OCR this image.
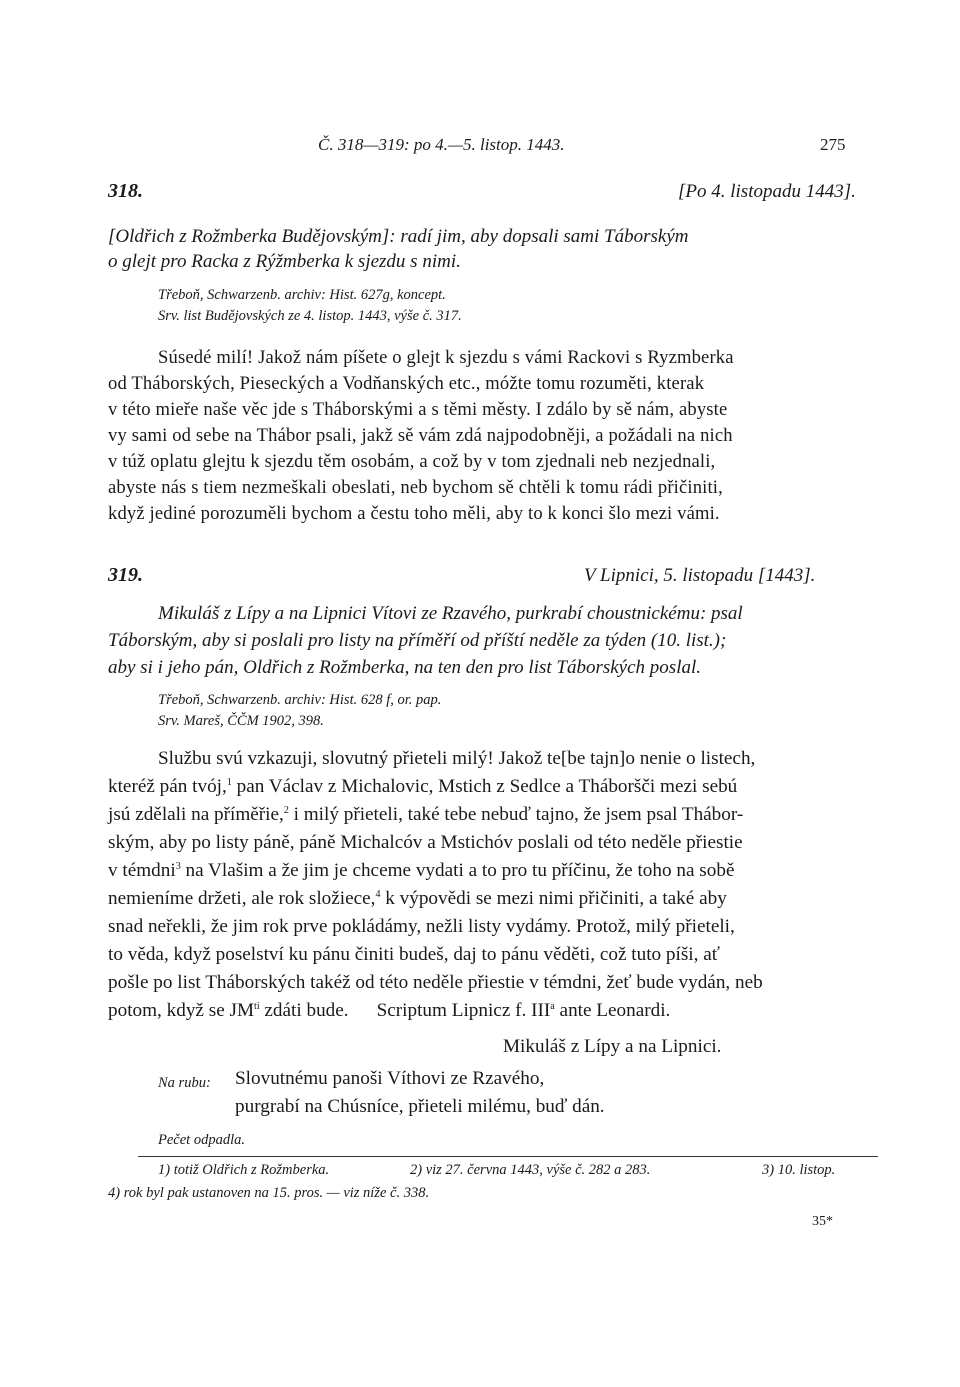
Č. 318—319: po 4.—5. listop. 1443.	275
318.	[Po 4. listopadu 1443].
[Oldřich z Rožmberka Budějovským]: radí jim, aby dopsali sami Táborským
o glejt pro Racka z Rýžmberka k sjezdu s nimi.
Třeboň, Schwarzenb. archiv: Hist. 627g, koncept.
Srv. list Budějovských ze 4. listop. 1443, výše č. 317.
Súsedé milí! Jakož nám píšete o glejt k sjezdu s vámi Rackovi s Ryzmberka
od Tháborských, Pieseckých a Vodňanských etc., móžte tomu rozuměti, kterak
v této mieře naše věc jde s Tháborskými a s těmi městy. I zdálo by sě nám, abyste
vy sami od sebe na Thábor psali, jakž sě vám zdá najpodobněji, a požádali na nich
v túž oplatu glejtu k sjezdu těm osobám, a což by v tom zjednali neb nezjednali,
abyste nás s tiem nezmeškali obeslati, neb bychom sě chtěli k tomu rádi přičiniti,
když jediné porozuměli bychom a čestu toho měli, aby to k konci šlo mezi vámi.
319.	V Lipnici, 5. listopadu [1443].
Mikuláš z Lípy a na Lipnici Vítovi ze Rzavého, purkrabí choustnickému: psal
Táborským, aby si poslali pro listy na příměří od příští neděle za týden (10. list.);
aby si i jeho pán, Oldřich z Rožmberka, na ten den pro list Táborských poslal.
Třeboň, Schwarzenb. archiv: Hist. 628 f, or. pap.
Srv. Mareš, ČČM 1902, 398.
Službu svú vzkazuji, slovutný přieteli milý! Jakož te[be tajn]o nenie o listech,
kteréž pán tvój,$^1$ pan Václav z Michalovic, Mstich z Sedlce a Tháboršči mezi sebú
jsú zdělali na příměřie,$^2$ i milý přieteli, také tebe nebuď tajno, že jsem psal Thábor-
ským, aby po listy páně, páně Michalcóv a Mstichóv poslali od této neděle přiestie
v témdni$^3$ na Vlašim a že jim je chceme vydati a to pro tu příčinu, že toho na sobě
nemieníme držeti, ale rok složiece,$^4$ k výpovědi se mezi nimi přičiniti, a také aby
snad neřekli, že jim rok prve pokládámy, nežli listy vydámy. Protož, milý přieteli,
to věda, když poselství ku pánu činiti budeš, daj to pánu věděti, což tuto píši, ať
pošle po list Tháborských takéž od této neděle přiestie v témdni, žeť bude vydán, neb
potom, když se $JM^{ti}$ zdáti bude. Scriptum Lipnicz f. III$^a$ ante Leonardi.
Mikuláš z Lípy a na Lipnici.
Na rubu: Slovutnému panoši Víthovi ze Rzavého,
purgrabí na Chúsníce, přieteli milému, buď dán.
Pečet odpadla.
1) totiž Oldřich z Rožmberka.	2) viz 27. června 1443, výše č. 282 a 283.	3) 10. listop.
4) rok byl pak ustanoven na 15. pros. — viz níže č. 338.
35*
